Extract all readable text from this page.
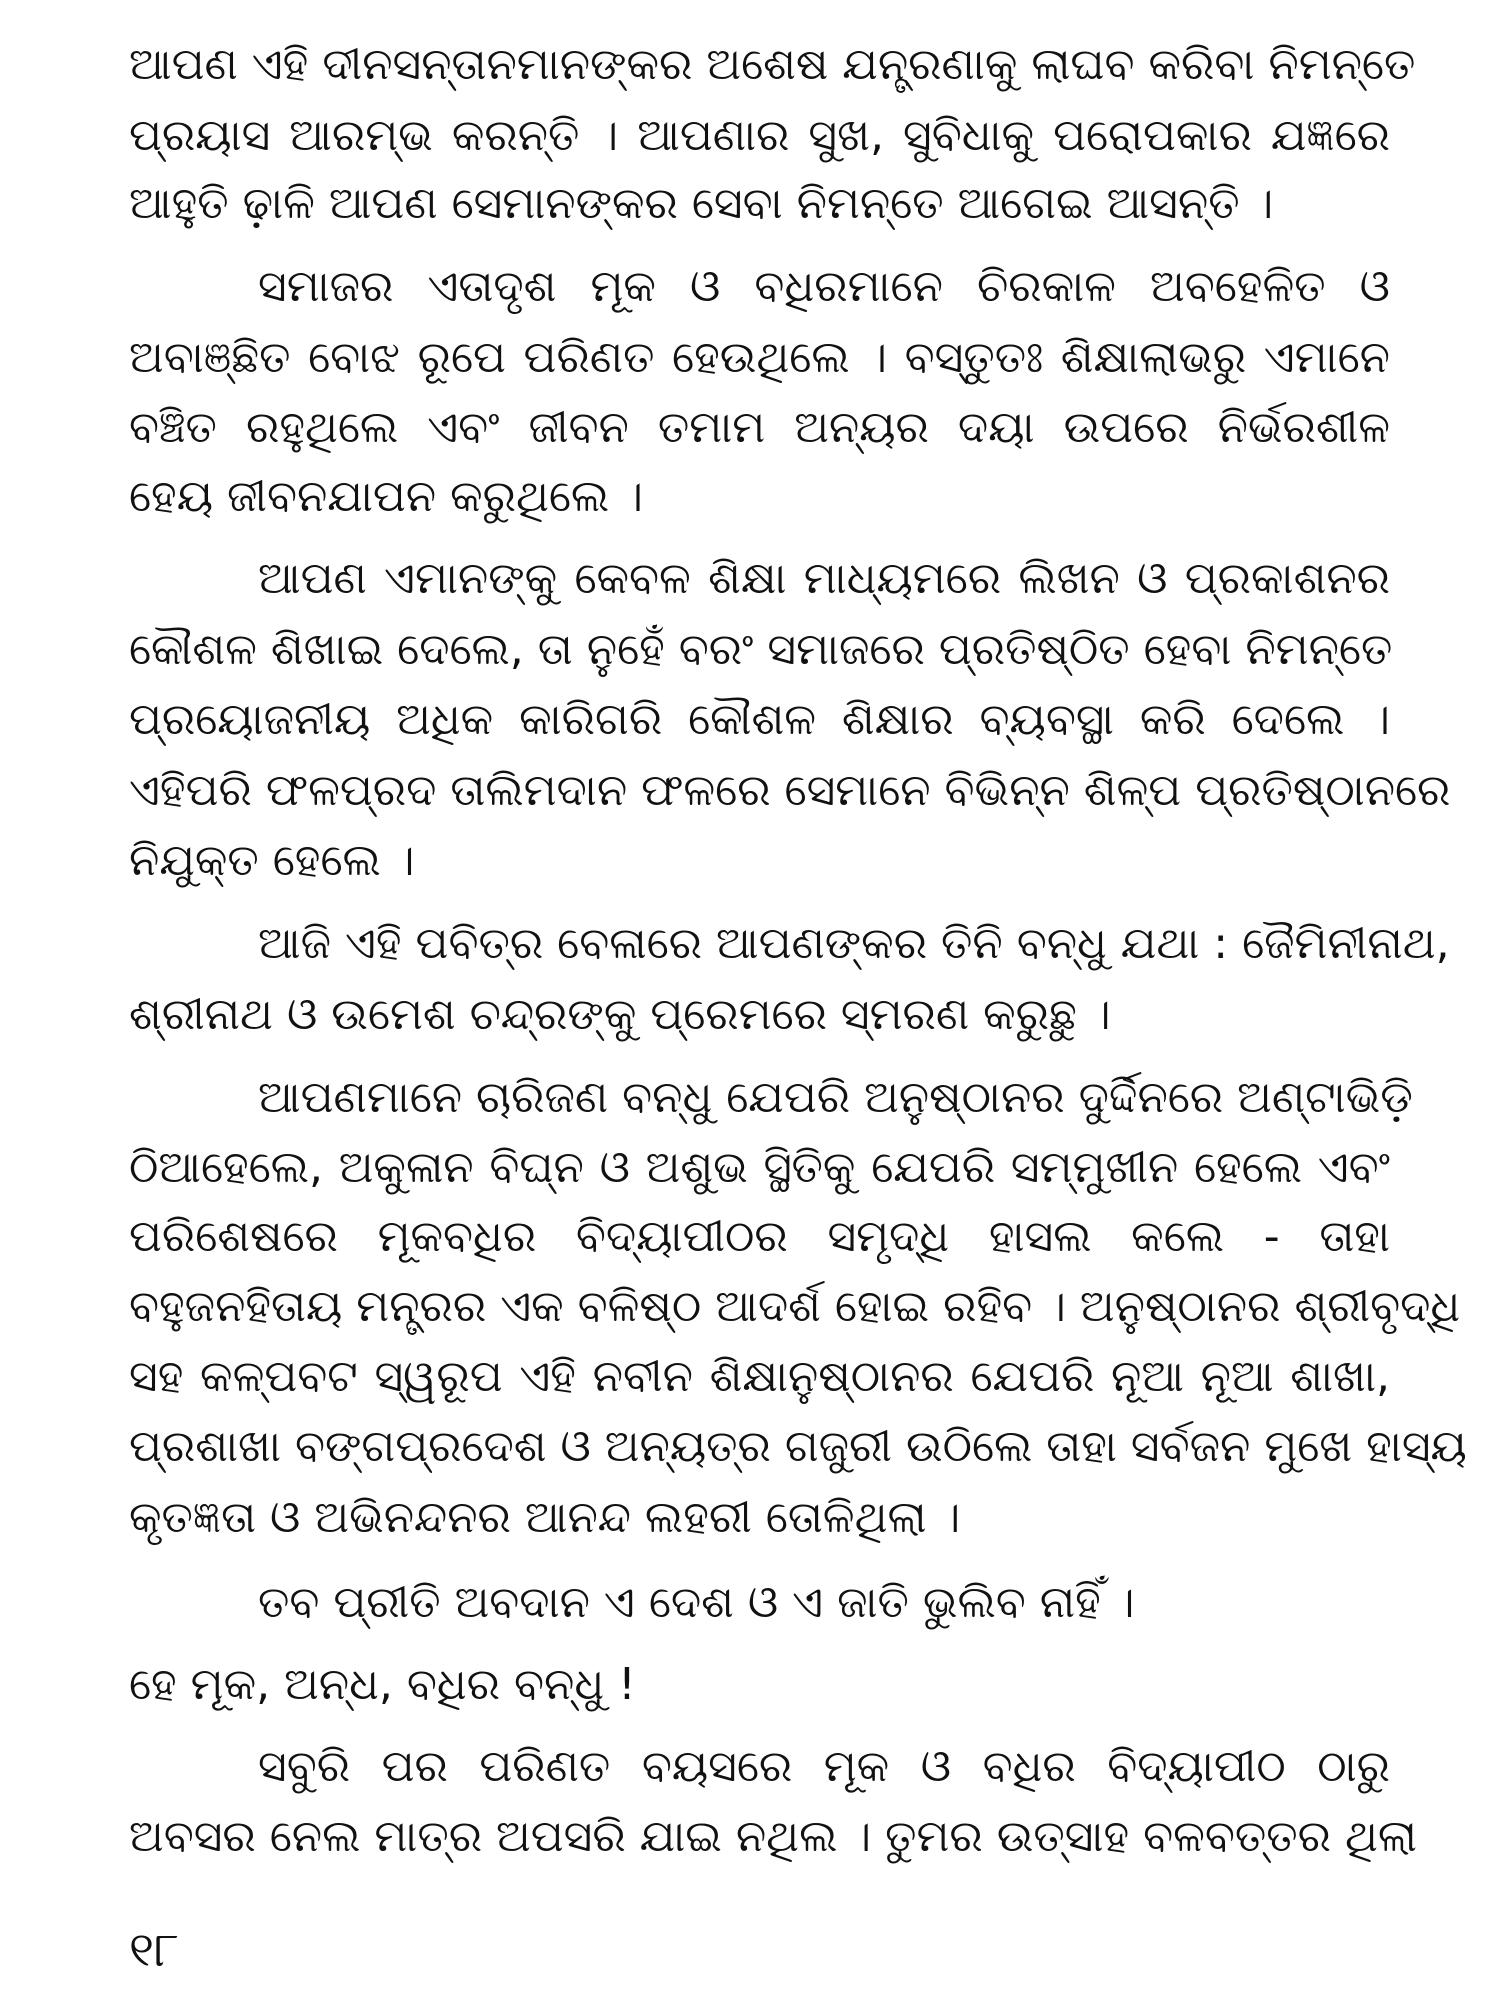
ଆପଣ ଏହି ଦୀନସନ୍ତାନମାନଙ୍କର ଅଶେଷ ଯନ୍ତ୍ରଣାକୁ ଲାଘବ କରିବା ନିମନ୍ତେ
ପ୍ରୟାସ ଆରମ୍ଭ କରନ୍ତି । ଆପଣାର ସୁଖ, ସୁବିଧାକୁ ପରୋପକାର ଯଜ୍ଞରେ
ଆହୁତି ଢ଼ାଳି ଆପଣ ସେମାନଙ୍କର ସେବା ନିମନ୍ତେ ଆଗେଇ ଆସନ୍ତି ।
ସମାଜର ଏତାଦୃଶ ମୂକ ଓ ବଧିରମାନେ ଚିରକାଳ ଅବହେଳିତ ଓ
ଅବାଞ୍ଛିତ ବୋଝ ରୂପେ ପରିଣତ ହେଉଥିଲେ । ବସ୍ତୁତଃ ଶିକ୍ଷାଲାଭରୁ ଏମାନେ
ବଞ୍ଚିତ ରହୁଥିଲେ ଏବଂ ଜୀବନ ତମାମ ଅନ୍ୟର ଦୟା ଉପରେ ନିର୍ଭରଶୀଳ
ହେୟ ଜୀବନଯାପନ କରୁଥିଲେ ।
ଆପଣ ଏମାନଙ୍କୁ କେବଳ ଶିକ୍ଷା ମାଧ୍ୟମରେ ଲିଖନ ଓ ପ୍ରକାଶନର
କୌଶଳ ଶିଖାଇ ଦେଲେ, ତା ନୁହେଁ ବରଂ ସମାଜରେ ପ୍ରତିଷ୍ଠିତ ହେବା ନିମନ୍ତେ
ପ୍ରୟୋଜନୀୟ ଅଧିକ କାରିଗରି କୌଶଳ ଶିକ୍ଷାର ବ୍ୟବସ୍ଥା କରି ଦେଲେ ।
ଏହିପରି ଫଳପ୍ରଦ ତାଲିମଦାନ ଫଳରେ ସେମାନେ ବିଭିନ୍ନ ଶିଳ୍ପ ପ୍ରତିଷ୍ଠାନରେ
ନିଯୁକ୍ତ ହେଲେ ।
ଆଜି ଏହି ପବିତ୍ର ବେଳାରେ ଆପଣଙ୍କର ତିନି ବନ୍ଧୁ ଯଥା : ଜୈମିନୀନାଥ,
ଶ୍ରୀନାଥ ଓ ଉମେଶ ଚନ୍ଦ୍ରଙ୍କୁ ପ୍ରେମରେ ସ୍ମରଣ କରୁଛୁ ।
ଆପଣମାନେ ଚାରିଜଣ ବନ୍ଧୁ ଯେପରି ଅନୁଷ୍ଠାନର ଦୁର୍ଦ୍ଦିନରେ ଅଣ୍ଟାଭିଡ଼ି
ଠିଆହେଲେ, ଅକୁଳାନ ବିଘ୍ନ ଓ ଅଶୁଭ ସ୍ଥିତିକୁ ଯେପରି ସମ୍ମୁଖୀନ ହେଲେ ଏବଂ
ପରିଶେଷରେ ମୂକବଧିର ବିଦ୍ୟାପୀଠର ସମୃଦ୍ଧି ହାସଲ କଲେ - ତାହା
ବହୁଜନହିତାୟ ମନ୍ତ୍ରର ଏକ ବଳିଷ୍ଠ ଆଦର୍ଶ ହୋଇ ରହିବ । ଅନୁଷ୍ଠାନର ଶ୍ରୀବୃଦ୍ଧି
ସହ କଳ୍ପବଟ ସ୍ୱରୂପ ଏହି ନବୀନ ଶିକ୍ଷାନୁଷ୍ଠାନର ଯେପରି ନୂଆ ନୂଆ ଶାଖା,
ପ୍ରଶାଖା ବଙ୍ଗପ୍ରଦେଶ ଓ ଅନ୍ୟତ୍ର ଗଜୁରୀ ଉଠିଲେ ତାହା ସର୍ବଜନ ମୁଖେ ହାସ୍ୟ
କୃତଜ୍ଞତା ଓ ଅଭିନନ୍ଦନର ଆନନ୍ଦ ଲହରୀ ତୋଳିଥିଲା ।
ତବ ପ୍ରୀତି ଅବଦାନ ଏ ଦେଶ ଓ ଏ ଜାତି ଭୁଲିବ ନାହିଁ ।
ହେ ମୂକ, ଅନ୍ଧ, ବଧିର ବନ୍ଧୁ !
ସବୁରି ପର ପରିଣତ ବୟସରେ ମୂକ ଓ ବଧିର ବିଦ୍ୟାପୀଠ ଠାରୁ
ଅବସର ନେଲ ମାତ୍ର ଅପସରି ଯାଇ ନଥିଲ । ତୁମର ଉତ୍ସାହ ବଳବତ୍ତର ଥିଲା
୧୮
